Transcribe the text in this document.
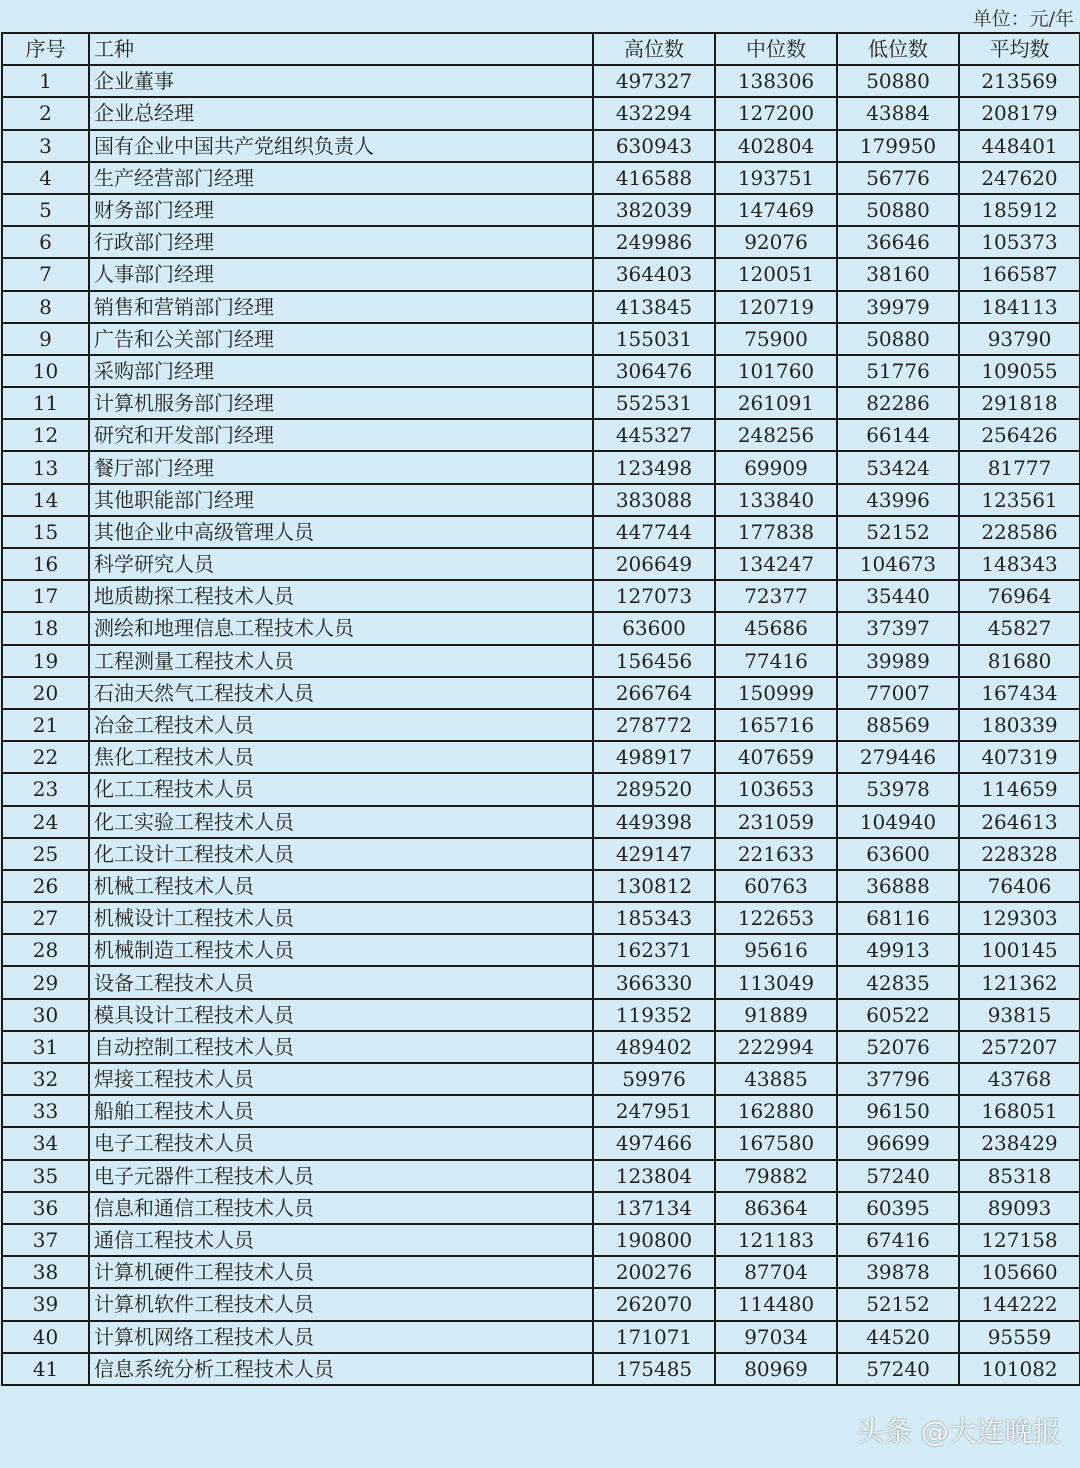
单位：元/年
序号	工种	高位数	中位数	低位数	平均数
1	企业董事	497327	138306	50880	213569
2	企业总经理	432294	127200	43884	208179
3	国有企业中国共产党组织负责人	630943	402804	179950	448401
4	生产经营部门经理	416588	193751	56776	247620
5	财务部门经理	382039	147469	50880	185912
6	行政部门经理	249986	92076	36646	105373
7	人事部门经理	364403	120051	38160	166587
8	销售和营销部门经理	413845	120719	39979	184113
9	广告和公关部门经理	155031	75900	50880	93790
10	采购部门经理	306476	101760	51776	109055
11	计算机服务部门经理	552531	261091	82286	291818
12	研究和开发部门经理	445327	248256	66144	256426
13	餐厅部门经理	123498	69909	53424	81777
14	其他职能部门经理	383088	133840	43996	123561
15	其他企业中高级管理人员	447744	177838	52152	228586
16	科学研究人员	206649	134247	104673	148343
17	地质勘探工程技术人员	127073	72377	35440	76964
18	测绘和地理信息工程技术人员	63600	45686	37397	45827
19	工程测量工程技术人员	156456	77416	39989	81680
20	石油天然气工程技术人员	266764	150999	77007	167434
21	冶金工程技术人员	278772	165716	88569	180339
22	焦化工程技术人员	498917	407659	279446	407319
23	化工工程技术人员	289520	103653	53978	114659
24	化工实验工程技术人员	449398	231059	104940	264613
25	化工设计工程技术人员	429147	221633	63600	228328
26	机械工程技术人员	130812	60763	36888	76406
27	机械设计工程技术人员	185343	122653	68116	129303
28	机械制造工程技术人员	162371	95616	49913	100145
29	设备工程技术人员	366330	113049	42835	121362
30	模具设计工程技术人员	119352	91889	60522	93815
31	自动控制工程技术人员	489402	222994	52076	257207
32	焊接工程技术人员	59976	43885	37796	43768
33	船舶工程技术人员	247951	162880	96150	168051
34	电子工程技术人员	497466	167580	96699	238429
35	电子元器件工程技术人员	123804	79882	57240	85318
36	信息和通信工程技术人员	137134	86364	60395	89093
37	通信工程技术人员	190800	121183	67416	127158
38	计算机硬件工程技术人员	200276	87704	39878	105660
39	计算机软件工程技术人员	262070	114480	52152	144222
40	计算机网络工程技术人员	171071	97034	44520	95559
41	信息系统分析工程技术人员	175485	80969	57240	101082
头条 @大连晚报
